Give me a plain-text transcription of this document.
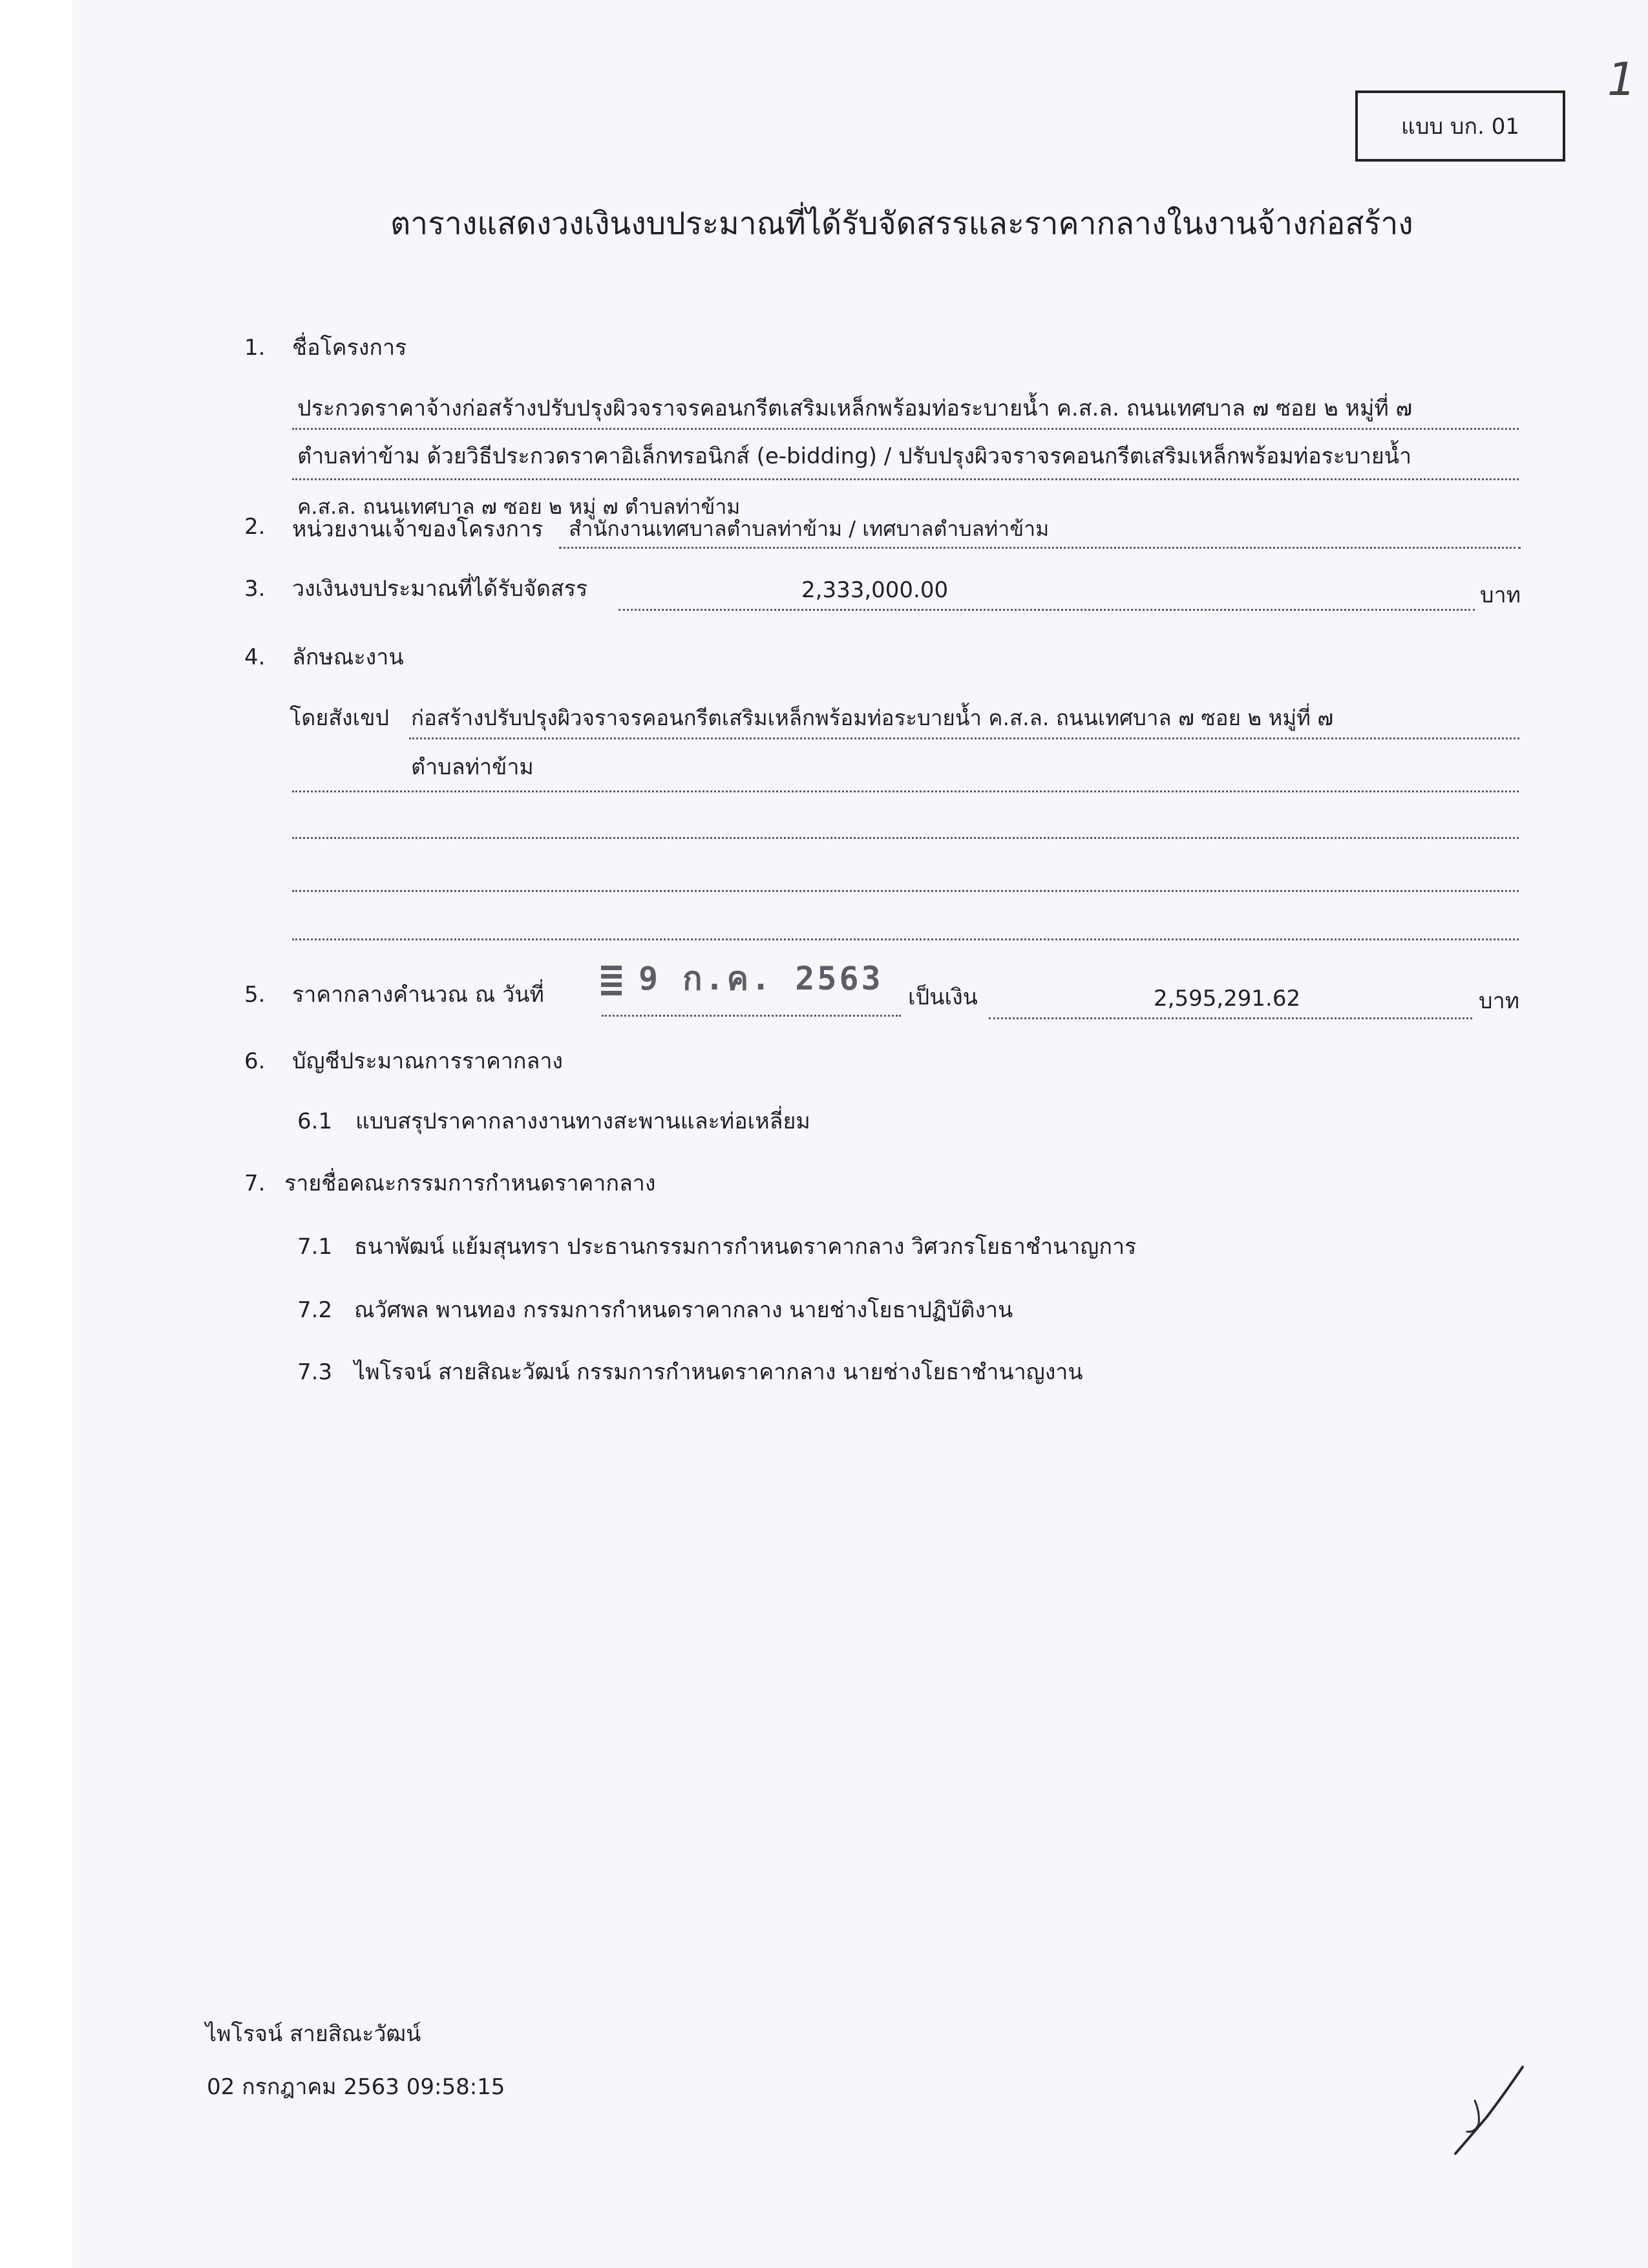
1
แบบ บก. 01
ตารางแสดงวงเงินงบประมาณที่ได้รับจัดสรรและราคากลางในงานจ้างก่อสร้าง
1. ชื่อโครงการ
ประกวดราคาจ้างก่อสร้างปรับปรุงผิวจราจรคอนกรีตเสริมเหล็กพร้อมท่อระบายน้ำ ค.ส.ล. ถนนเทศบาล ๗ ซอย ๒ หมู่ที่ ๗
ตำบลท่าข้าม ด้วยวิธีประกวดราคาอิเล็กทรอนิกส์ (e-bidding) / ปรับปรุงผิวจราจรคอนกรีตเสริมเหล็กพร้อมท่อระบายน้ำ
ค.ส.ล. ถนนเทศบาล ๗ ซอย ๒ หมู่ ๗ ตำบลท่าข้าม
2. หน่วยงานเจ้าของโครงการ สำนักงานเทศบาลตำบลท่าข้าม / เทศบาลตำบลท่าข้าม
3. วงเงินงบประมาณที่ได้รับจัดสรร	2,333,000.00	บาท
4. ลักษณะงาน
โดยสังเขป ก่อสร้างปรับปรุงผิวจราจรคอนกรีตเสริมเหล็กพร้อมท่อระบายน้ำ ค.ส.ล. ถนนเทศบาล ๗ ซอย ๒ หมู่ที่ ๗
ตำบลท่าข้าม
5. ราคากลางคำนวณ ณ วันที่	9 ก.ค. 2563
เป็นเงิน	2,595,291.62	บาท
6. บัญชีประมาณการราคากลาง
6.1 แบบสรุปราคากลางงานทางสะพานและท่อเหลี่ยม
7. รายชื่อคณะกรรมการกำหนดราคากลาง
7.1 ธนาพัฒน์ แย้มสุนทรา ประธานกรรมการกำหนดราคากลาง วิศวกรโยธาชำนาญการ
7.2 ณวัศพล พานทอง กรรมการกำหนดราคากลาง นายช่างโยธาปฏิบัติงาน
7.3 ไพโรจน์ สายสิณะวัฒน์ กรรมการกำหนดราคากลาง นายช่างโยธาชำนาญงาน
ไพโรจน์ สายสิณะวัฒน์
02 กรกฎาคม 2563 09:58:15
